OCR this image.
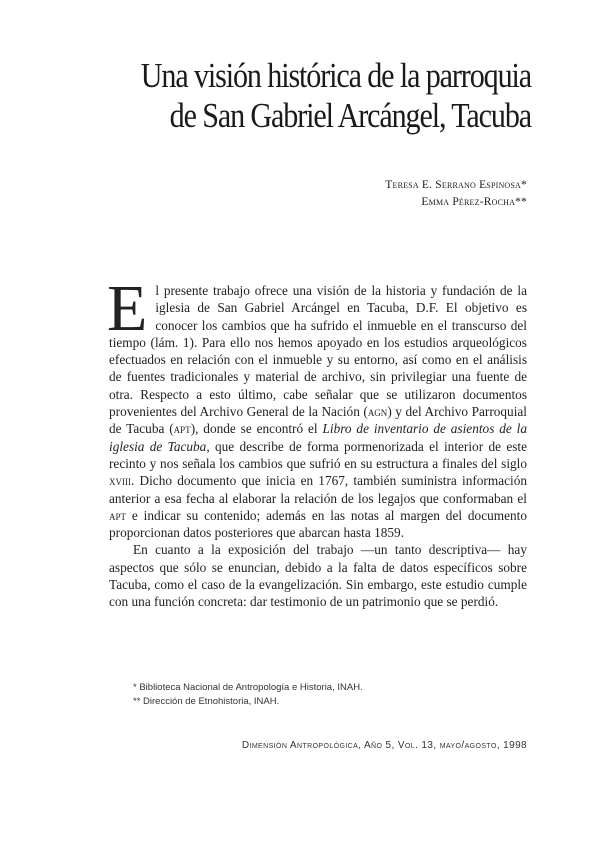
Una visión histórica de la parroquia
de San Gabriel Arcángel, Tacuba
Teresa E. Serrano Espinosa*
Emma Pérez-Rocha**

El presente trabajo ofrece una visión de la historia y fundación de la iglesia de San Gabriel Arcángel en Tacuba, D.F. El objetivo es conocer los cambios que ha sufrido el inmueble en el transcurso del tiempo (lám. 1). Para ello nos hemos apoyado en los estudios arqueológicos efectuados en relación con el inmueble y su entorno, así como en el análisis de fuentes tradicionales y material de archivo, sin privilegiar una fuente de otra. Respecto a esto último, cabe señalar que se utilizaron documentos provenientes del Archivo General de la Nación (agn) y del Archivo Parroquial de Tacuba (apt), donde se encontró el Libro de inventario de asientos de la iglesia de Tacuba, que describe de forma pormenorizada el interior de este recinto y nos señala los cambios que sufrió en su estructura a finales del siglo xviii. Dicho documento que inicia en 1767, también suministra información anterior a esa fecha al elaborar la relación de los legajos que conformaban el apt e indicar su contenido; además en las notas al margen del documento proporcionan datos posteriores que abarcan hasta 1859.

En cuanto a la exposición del trabajo —un tanto descriptiva— hay aspectos que sólo se enuncian, debido a la falta de datos específicos sobre Tacuba, como el caso de la evangelización. Sin embargo, este estudio cumple con una función concreta: dar testimonio de un patrimonio que se perdió.

* Biblioteca Nacional de Antropología e Historia, INAH.
** Dirección de Etnohistoria, INAH.
Dimensión Antropológica, Año 5, Vol. 13, mayo/agosto, 1998
